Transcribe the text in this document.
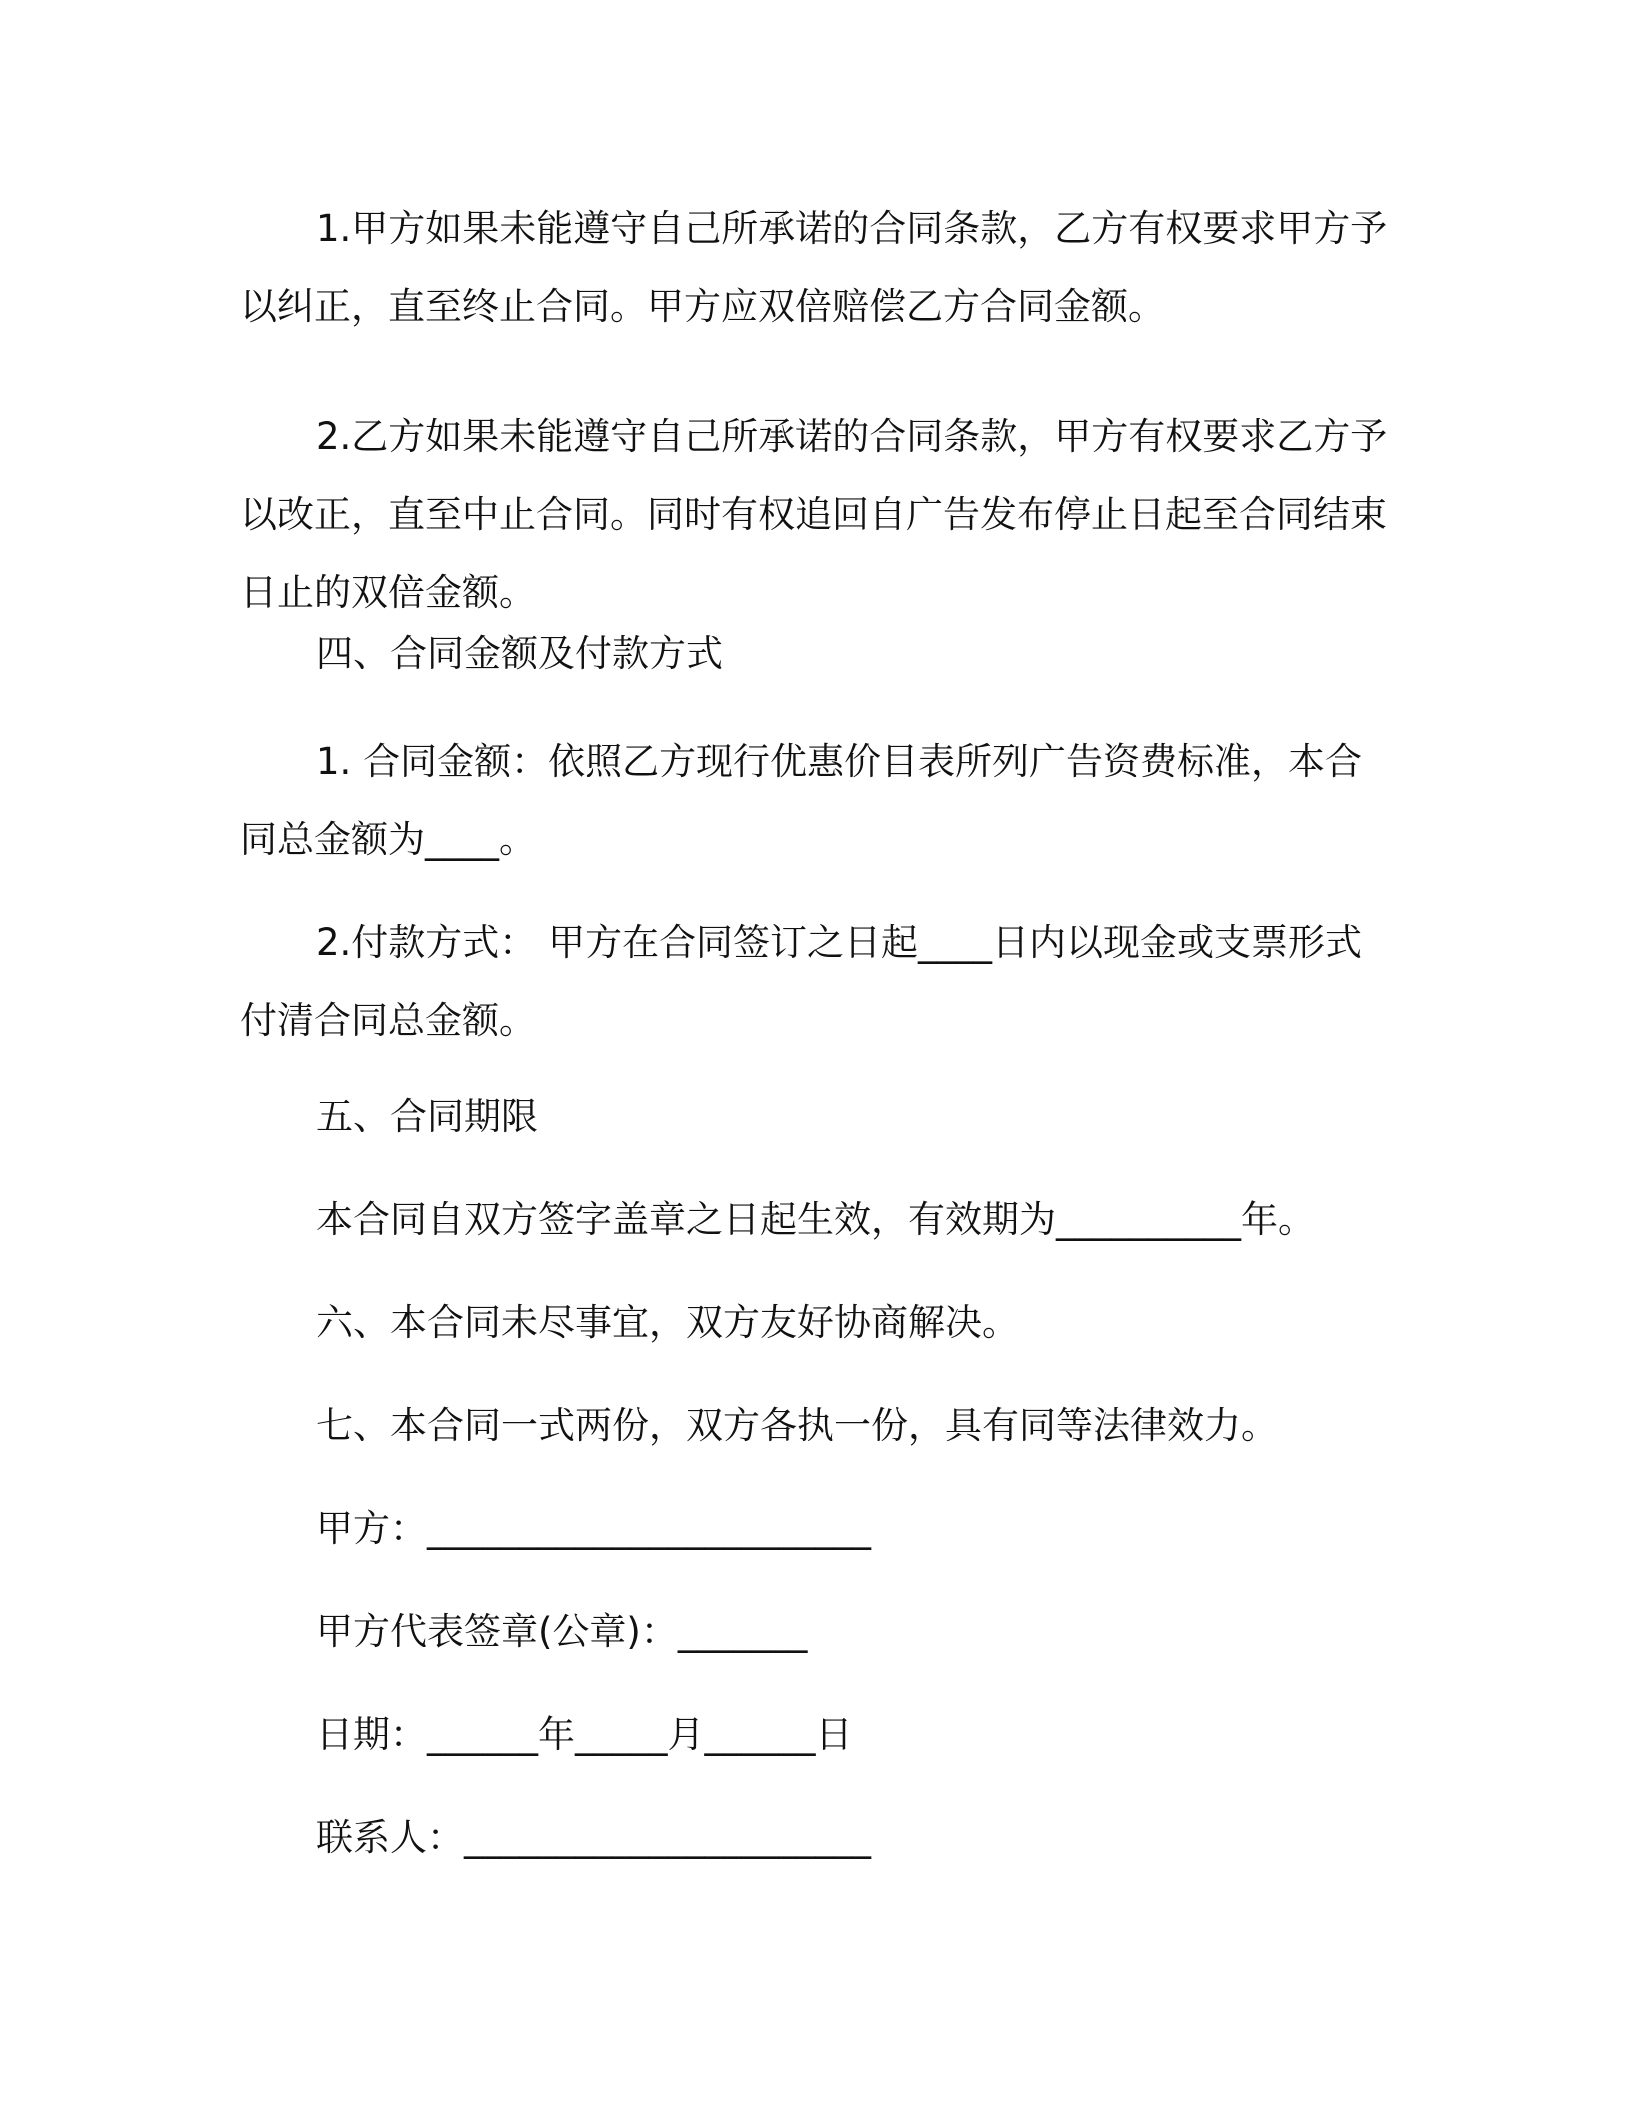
1.甲方如果未能遵守自己所承诺的合同条款，乙方有权要求甲方予以纠正，直至终止合同。甲方应双倍赔偿乙方合同金额。

2.乙方如果未能遵守自己所承诺的合同条款，甲方有权要求乙方予以改正，直至中止合同。同时有权追回自广告发布停止日起至合同结束日止的双倍金额。

四、合同金额及付款方式

1. 合同金额：依照乙方现行优惠价目表所列广告资费标准，本合同总金额为____。

2.付款方式： 甲方在合同签订之日起____日内以现金或支票形式付清合同总金额。

五、合同期限

本合同自双方签字盖章之日起生效，有效期为__________年。

六、本合同未尽事宜，双方友好协商解决。

七、本合同一式两份，双方各执一份，具有同等法律效力。

甲方：________________________

甲方代表签章(公章)：_______

日期：______年_____月______日

联系人：______________________
